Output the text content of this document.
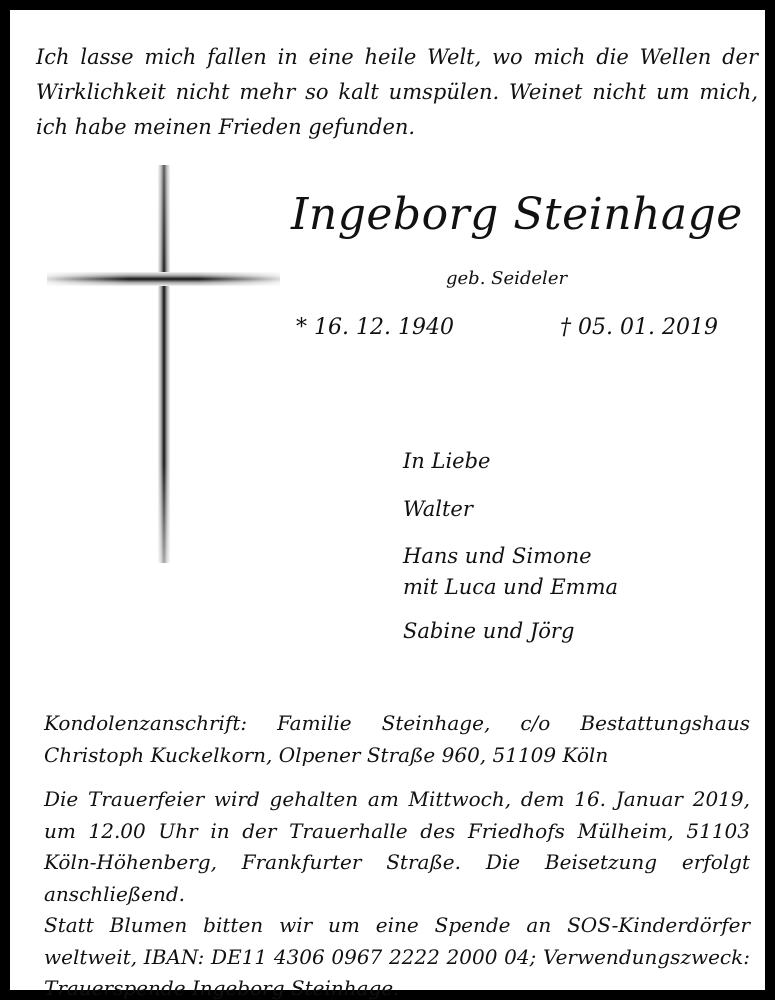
Ich lasse mich fallen in eine heile Welt, wo mich die Wellen der Wirklichkeit nicht mehr so kalt umspülen. Weinet nicht um mich, ich habe meinen Frieden gefunden.
Ingeborg Steinhage
geb. Seideler
* 16. 12. 1940	† 05. 01. 2019
In Liebe
Walter
Hans und Simone
mit Luca und Emma
Sabine und Jörg
Kondolenzanschrift: Familie Steinhage, c/o Bestattungshaus Christoph Kuckelkorn, Olpener Straße 960, 51109 Köln
Die Trauerfeier wird gehalten am Mittwoch, dem 16. Januar 2019, um 12.00 Uhr in der Trauerhalle des Friedhofs Mülheim, 51103 Köln-Höhenberg, Frankfurter Straße. Die Beisetzung erfolgt anschließend.
Statt Blumen bitten wir um eine Spende an SOS-Kinderdörfer weltweit, IBAN: DE11 4306 0967 2222 2000 04; Verwendungszweck: Trauerspende Ingeborg Steinhage.
